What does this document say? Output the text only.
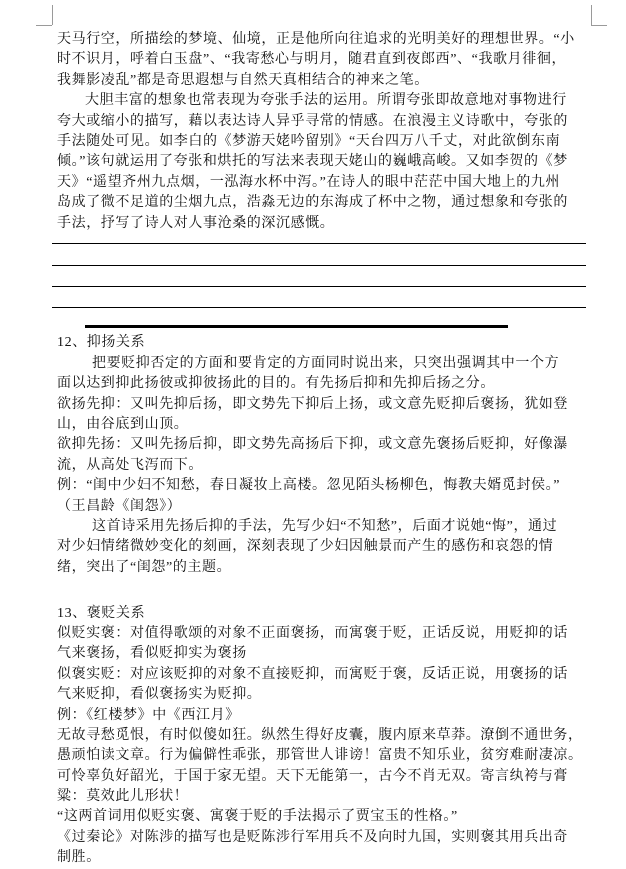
天马行空，所描绘的梦境、仙境，正是他所向往追求的光明美好的理想世界。“小
时不识月，呼着白玉盘”、“我寄愁心与明月，随君直到夜郎西”、“我歌月徘徊，
我舞影凌乱”都是奇思遐想与自然天真相结合的神来之笔。
大胆丰富的想象也常表现为夸张手法的运用。所谓夸张即故意地对事物进行
夸大或缩小的描写，藉以表达诗人异乎寻常的情感。在浪漫主义诗歌中，夸张的
手法随处可见。如李白的《梦游天姥吟留别》“天台四万八千丈，对此欲倒东南
倾。”该句就运用了夸张和烘托的写法来表现天姥山的巍峨高峻。又如李贺的《梦
天》“遥望齐州九点烟，一泓海水杯中泻。”在诗人的眼中茫茫中国大地上的九州
岛成了微不足道的尘烟九点，浩淼无边的东海成了杯中之物，通过想象和夸张的
手法，抒写了诗人对人事沧桑的深沉感慨。
12、抑扬关系
把要贬抑否定的方面和要肯定的方面同时说出来，只突出强调其中一个方
面以达到抑此扬彼或抑彼扬此的目的。有先扬后抑和先抑后扬之分。
欲扬先抑：又叫先抑后扬，即文势先下抑后上扬，或文意先贬抑后褒扬，犹如登
山，由谷底到山顶。
欲抑先扬：又叫先扬后抑，即文势先高扬后下抑，或文意先褒扬后贬抑，好像瀑
流，从高处飞泻而下。
例：“闺中少妇不知愁，春日凝妆上高楼。忽见陌头杨柳色，悔教夫婿觅封侯。”
（王昌龄《闺怨》）
这首诗采用先扬后抑的手法，先写少妇“不知愁”，后面才说她“悔”，通过
对少妇情绪微妙变化的刻画，深刻表现了少妇因触景而产生的感伤和哀怨的情
绪，突出了“闺怨”的主题。
13、褒贬关系
似贬实褒：对值得歌颂的对象不正面褒扬，而寓褒于贬，正话反说，用贬抑的话
气来褒扬，看似贬抑实为褒扬
似褒实贬：对应该贬抑的对象不直接贬抑，而寓贬于褒，反话正说，用褒扬的话
气来贬抑，看似褒扬实为贬抑。
例：《红楼梦》中《西江月》
无故寻愁觅恨，有时似傻如狂。纵然生得好皮囊，腹内原来草莽。潦倒不通世务，
愚顽怕读文章。行为偏僻性乖张，那管世人诽谤！富贵不知乐业，贫穷难耐凄凉。
可怜辜负好韶光，于国于家无望。天下无能第一，古今不肖无双。寄言纨袴与膏
粱：莫效此儿形状！
“这两首词用似贬实褒、寓褒于贬的手法揭示了贾宝玉的性格。”
《过秦论》对陈涉的描写也是贬陈涉行军用兵不及向时九国，实则褒其用兵出奇
制胜。
